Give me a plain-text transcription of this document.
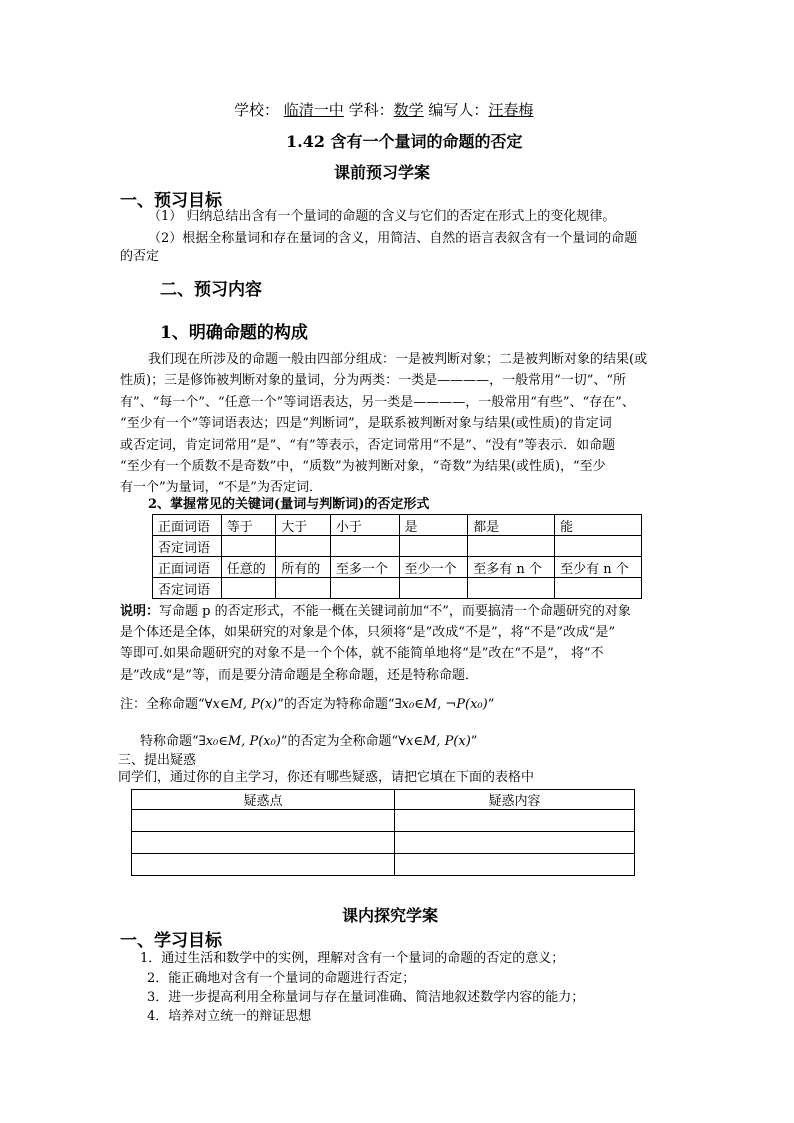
学校： 临清一中 学科：数学 编写人：汪春梅
1.42 含有一个量词的命题的否定
课前预习学案
一、预习目标
（1） 归纳总结出含有一个量词的命题的含义与它们的否定在形式上的变化规律。
（2）根据全称量词和存在量词的含义，用简洁、自然的语言表叙含有一个量词的命题
的否定
二、预习内容
1、明确命题的构成
我们现在所涉及的命题一般由四部分组成：一是被判断对象；二是被判断对象的结果(或
性质)；三是修饰被判断对象的量词，分为两类：一类是————，一般常用“一切”、“所
有”、“每一个”、“任意一个”等词语表达，另一类是————，一般常用“有些”、“存在”、
“至少有一个”等词语表达；四是“判断词”，是联系被判断对象与结果(或性质)的肯定词
或否定词，肯定词常用“是”、“有”等表示，否定词常用“不是”、“没有”等表示．如命题
“至少有一个质数不是奇数”中，“质数”为被判断对象，“奇数”为结果(或性质)，“至少
有一个”为量词，“不是”为否定词．
2、掌握常见的关键词(量词与判断词)的否定形式
正面词语	等于	大于	小于	是	都是	能
否定词语						
正面词语	任意的	所有的	至多一个	至少一个	至多有 n 个	至少有 n 个
否定词语						
说明：写命题 p 的否定形式，不能一概在关键词前加“不”，而要搞清一个命题研究的对象
是个体还是全体，如果研究的对象是个体，只须将“是”改成“不是”，将“不是”改成“是”
等即可.如果命题研究的对象不是一个个体，就不能简单地将“是”改在“不是”， 将“不
是”改成“是”等，而是要分清命题是全称命题，还是特称命题．
注：全称命题“∀x∈M, P(x)”的否定为特称命题“∃x₀∈M, ¬P(x₀)”
特称命题“∃x₀∈M, P(x₀)”的否定为全称命题“∀x∈M, P(x)”
三、提出疑惑
同学们，通过你的自主学习，你还有哪些疑惑，请把它填在下面的表格中
疑惑点	疑惑内容

课内探究学案
一、学习目标
1．通过生活和数学中的实例，理解对含有一个量词的命题的否定的意义；
2．能正确地对含有一个量词的命题进行否定；
3．进一步提高利用全称量词与存在量词准确、简洁地叙述数学内容的能力；
4．培养对立统一的辩证思想
